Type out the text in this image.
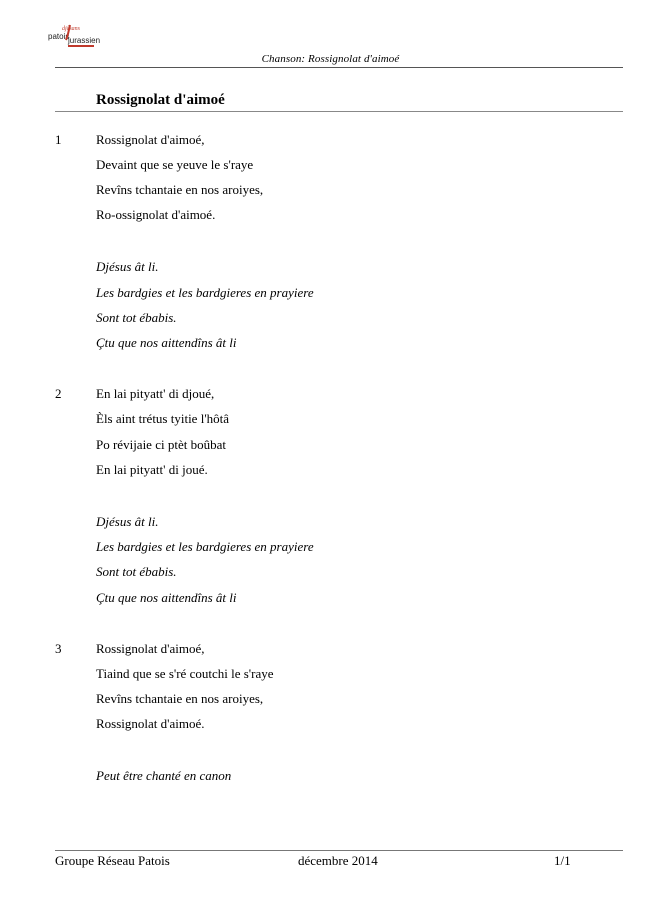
djêsans
patois
jurassien
Chanson: Rossignolat d'aimoé
Rossignolat d'aimoé
1	Rossignolat d'aimoé,
Devaint que se yeuve le s'raye
Revîns tchantaie en nos aroiyes,
Ro-ossignolat d'aimoé.
Djésus ât li.
Les bardgies et les bardgieres en prayiere
Sont tot ébabis.
Çtu que nos aittendîns ât li
2	En lai pityatt' di djoué,
Èls aint trétus tyitie l'hôtâ
Po révijaie ci ptèt boûbat
En lai pityatt' di joué.
Djésus ât li.
Les bardgies et les bardgieres en prayiere
Sont tot ébabis.
Çtu que nos aittendîns ât li
3	Rossignolat d'aimoé,
Tiaind que se s'ré coutchi le s'raye
Revîns tchantaie en nos aroiyes,
Rossignolat d'aimoé.
Peut être chanté en canon
Groupe Réseau Patois	décembre 2014	1/1
